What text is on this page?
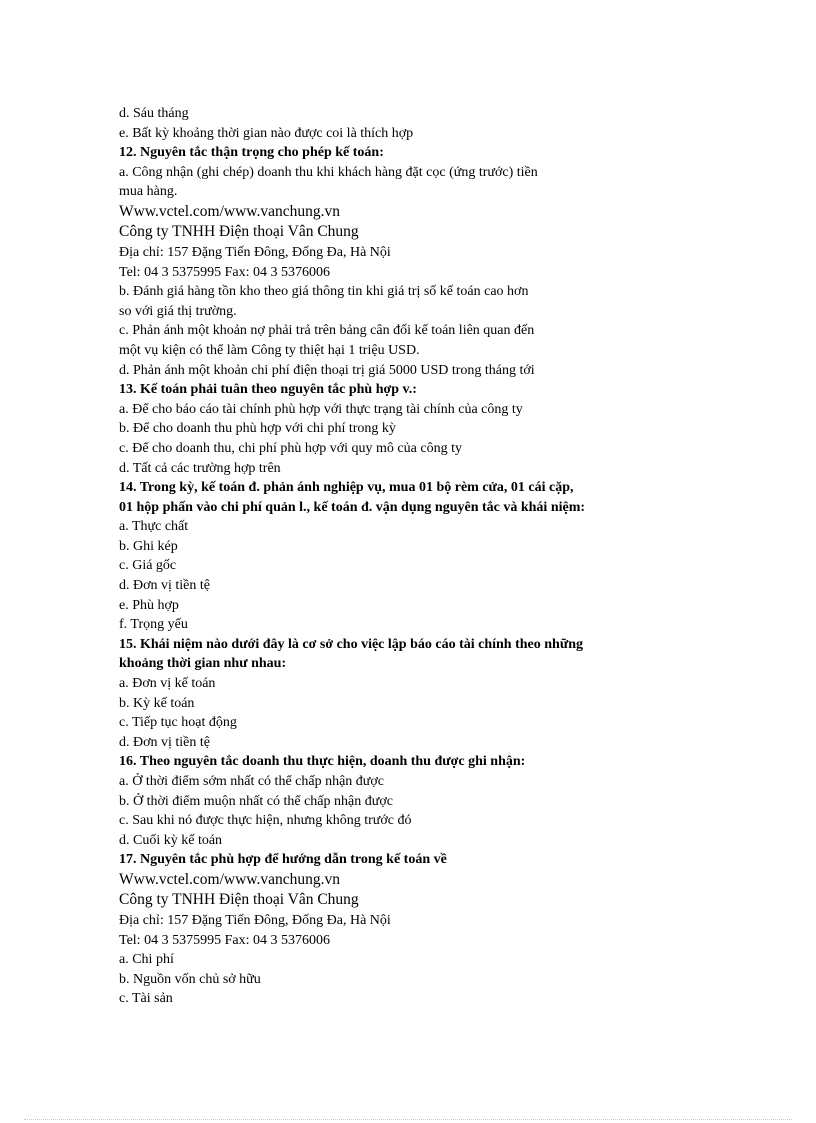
d. Sáu tháng
e. Bất kỳ khoảng thời gian nào được coi là thích hợp
12. Nguyên tắc thận trọng cho phép kế toán:
a. Công nhận (ghi chép) doanh thu khi khách hàng đặt cọc (ứng trước) tiền
mua hàng.
Www.vctel.com/www.vanchung.vn
Công ty TNHH Điện thoại Vân Chung
Địa chỉ: 157 Đặng Tiến Đông, Đống Đa, Hà Nội
Tel: 04 3 5375995 Fax: 04 3 5376006
b. Đánh giá hàng tồn kho theo giá thông tin khi giá trị số kế toán cao hơn
so với giá thị trường.
c. Phản ánh một khoản nợ phải trả trên bảng cân đối kế toán liên quan đến
một vụ kiện có thể làm Công ty thiệt hại 1 triệu USD.
d. Phản ánh một khoản chi phí điện thoại trị giá 5000 USD trong tháng tới
13. Kế toán phải tuân theo nguyên tắc phù hợp v.:
a. Để cho báo cáo tài chính phù hợp với thực trạng tài chính của công ty
b. Để cho doanh thu phù hợp với chi phí trong kỳ
c. Để cho doanh thu, chi phí phù hợp với quy mô của công ty
d. Tất cả các trường hợp trên
14. Trong kỳ, kế toán đ. phản ánh nghiệp vụ, mua 01 bộ rèm cửa, 01 cái cặp,
01 hộp phấn vào chi phí quản l., kế toán đ. vận dụng nguyên tắc và khái niệm:
a. Thực chất
b. Ghi kép
c. Giá gốc
d. Đơn vị tiền tệ
e. Phù hợp
f. Trọng yếu
15. Khái niệm nào dưới đây là cơ sở cho việc lập báo cáo tài chính theo những
khoảng thời gian như nhau:
a. Đơn vị kế toán
b. Kỳ kế toán
c. Tiếp tục hoạt động
d. Đơn vị tiền tệ
16. Theo nguyên tắc doanh thu thực hiện, doanh thu được ghi nhận:
a. Ở thời điểm sớm nhất có thể chấp nhận được
b. Ở thời điểm muộn nhất có thể chấp nhận được
c. Sau khi nó được thực hiện, nhưng không trước đó
d. Cuối kỳ kế toán
17. Nguyên tắc phù hợp để hướng dẫn trong kế toán về
Www.vctel.com/www.vanchung.vn
Công ty TNHH Điện thoại Vân Chung
Địa chỉ: 157 Đặng Tiến Đông, Đống Đa, Hà Nội
Tel: 04 3 5375995 Fax: 04 3 5376006
a. Chi phí
b. Nguồn vốn chủ sở hữu
c. Tài sản
